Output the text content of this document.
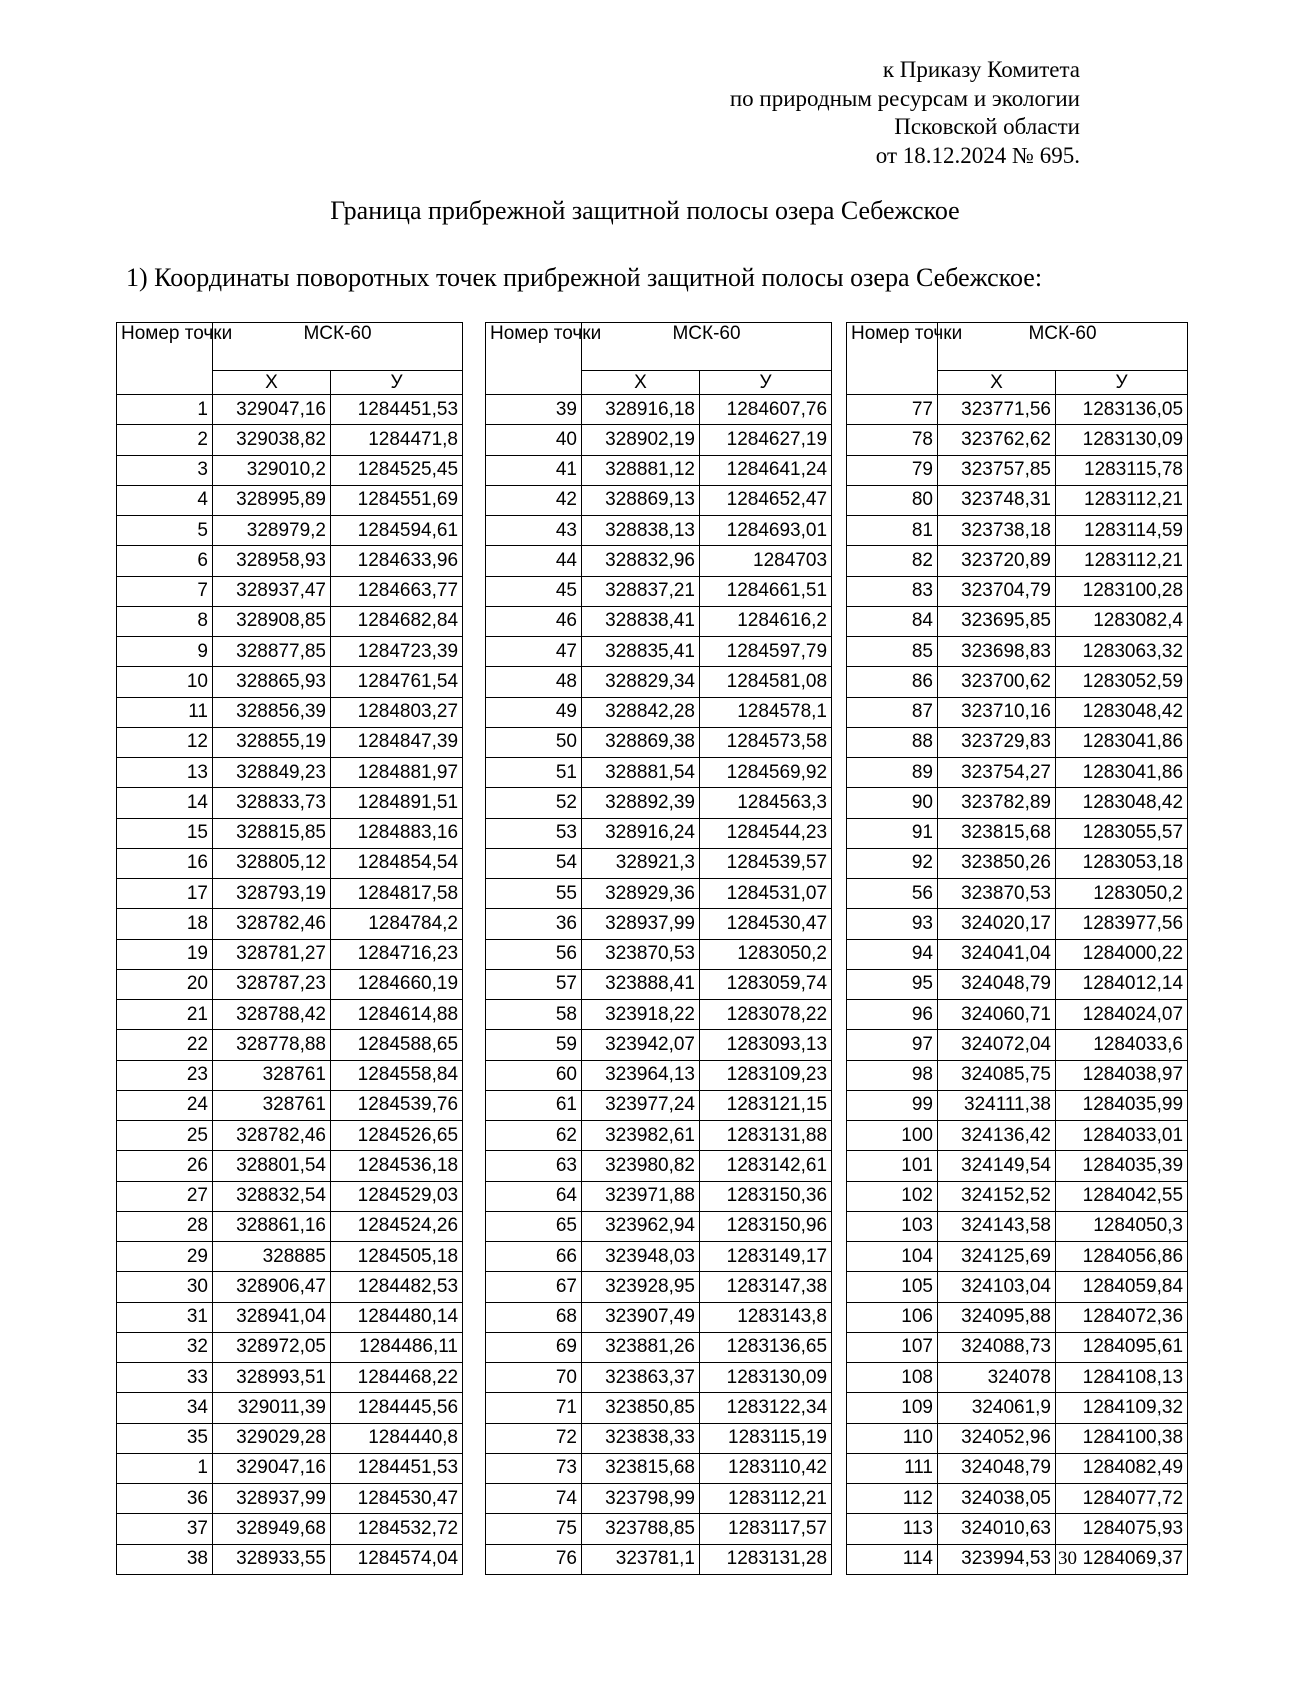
к Приказу Комитета
по природным ресурсам и экологии
Псковской области
от 18.12.2024 № 695.
Граница прибрежной защитной полосы озера Себежское
1) Координаты поворотных точек прибрежной защитной полосы озера Себежское:
Номер точки	МСК-60	
	Х	У
1	329047,16	1284451,53
2	329038,82	1284471,8
3	329010,2	1284525,45
4	328995,89	1284551,69
5	328979,2	1284594,61
6	328958,93	1284633,96
7	328937,47	1284663,77
8	328908,85	1284682,84
9	328877,85	1284723,39
10	328865,93	1284761,54
11	328856,39	1284803,27
12	328855,19	1284847,39
13	328849,23	1284881,97
14	328833,73	1284891,51
15	328815,85	1284883,16
16	328805,12	1284854,54
17	328793,19	1284817,58
18	328782,46	1284784,2
19	328781,27	1284716,23
20	328787,23	1284660,19
21	328788,42	1284614,88
22	328778,88	1284588,65
23	328761	1284558,84
24	328761	1284539,76
25	328782,46	1284526,65
26	328801,54	1284536,18
27	328832,54	1284529,03
28	328861,16	1284524,26
29	328885	1284505,18
30	328906,47	1284482,53
31	328941,04	1284480,14
32	328972,05	1284486,11
33	328993,51	1284468,22
34	329011,39	1284445,56
35	329029,28	1284440,8
1	329047,16	1284451,53
36	328937,99	1284530,47
37	328949,68	1284532,72
38	328933,55	1284574,04
Номер точки	МСК-60	
	Х	У
39	328916,18	1284607,76
40	328902,19	1284627,19
41	328881,12	1284641,24
42	328869,13	1284652,47
43	328838,13	1284693,01
44	328832,96	1284703
45	328837,21	1284661,51
46	328838,41	1284616,2
47	328835,41	1284597,79
48	328829,34	1284581,08
49	328842,28	1284578,1
50	328869,38	1284573,58
51	328881,54	1284569,92
52	328892,39	1284563,3
53	328916,24	1284544,23
54	328921,3	1284539,57
55	328929,36	1284531,07
36	328937,99	1284530,47
56	323870,53	1283050,2
57	323888,41	1283059,74
58	323918,22	1283078,22
59	323942,07	1283093,13
60	323964,13	1283109,23
61	323977,24	1283121,15
62	323982,61	1283131,88
63	323980,82	1283142,61
64	323971,88	1283150,36
65	323962,94	1283150,96
66	323948,03	1283149,17
67	323928,95	1283147,38
68	323907,49	1283143,8
69	323881,26	1283136,65
70	323863,37	1283130,09
71	323850,85	1283122,34
72	323838,33	1283115,19
73	323815,68	1283110,42
74	323798,99	1283112,21
75	323788,85	1283117,57
76	323781,1	1283131,28
Номер точки	МСК-60	
	Х	У
77	323771,56	1283136,05
78	323762,62	1283130,09
79	323757,85	1283115,78
80	323748,31	1283112,21
81	323738,18	1283114,59
82	323720,89	1283112,21
83	323704,79	1283100,28
84	323695,85	1283082,4
85	323698,83	1283063,32
86	323700,62	1283052,59
87	323710,16	1283048,42
88	323729,83	1283041,86
89	323754,27	1283041,86
90	323782,89	1283048,42
91	323815,68	1283055,57
92	323850,26	1283053,18
56	323870,53	1283050,2
93	324020,17	1283977,56
94	324041,04	1284000,22
95	324048,79	1284012,14
96	324060,71	1284024,07
97	324072,04	1284033,6
98	324085,75	1284038,97
99	324111,38	1284035,99
100	324136,42	1284033,01
101	324149,54	1284035,39
102	324152,52	1284042,55
103	324143,58	1284050,3
104	324125,69	1284056,86
105	324103,04	1284059,84
106	324095,88	1284072,36
107	324088,73	1284095,61
108	324078	1284108,13
109	324061,9	1284109,32
110	324052,96	1284100,38
111	324048,79	1284082,49
112	324038,05	1284077,72
113	324010,63	1284075,93
114	323994,53	1284069,37
30
